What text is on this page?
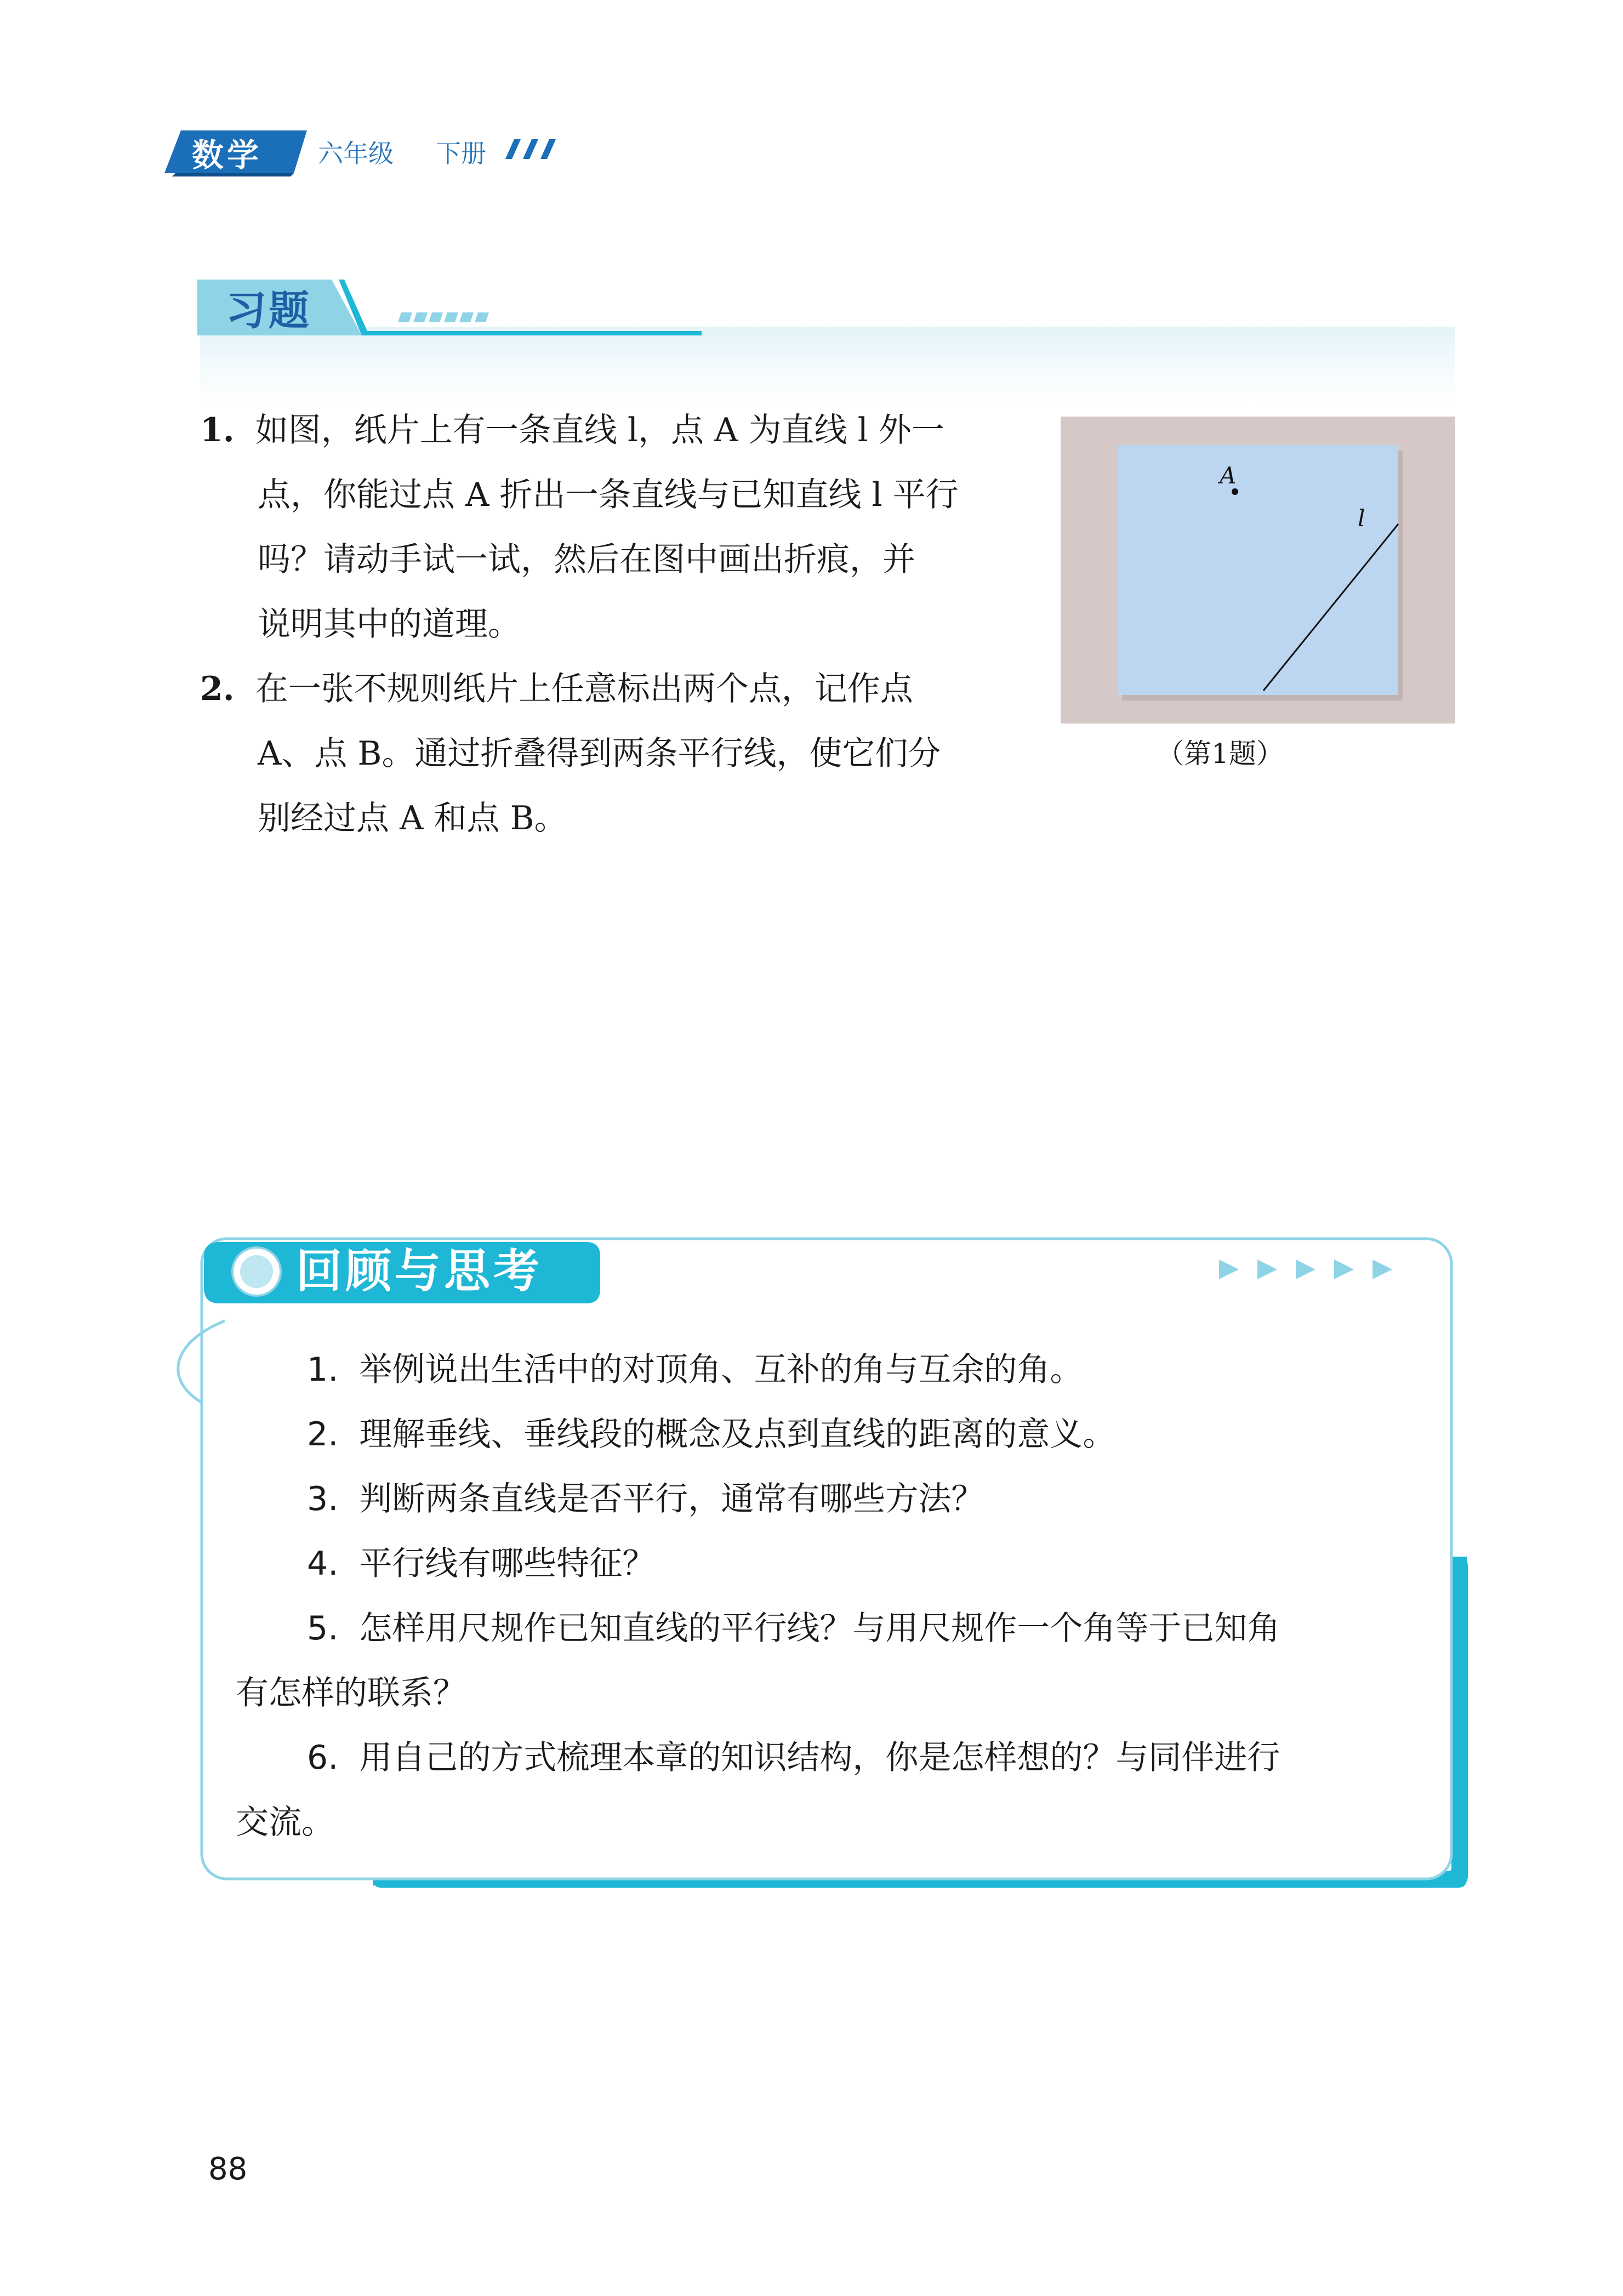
数学 六年级 下册
习题
1. 如图，纸片上有一条直线 l，点 A 为直线 l 外一
点，你能过点 A 折出一条直线与已知直线 l 平行
吗？请动手试一试，然后在图中画出折痕，并
说明其中的道理。
2. 在一张不规则纸片上任意标出两个点，记作点
A、点 B。通过折叠得到两条平行线，使它们分
别经过点 A 和点 B。
A
l
（第1题）
回顾与思考
1.  举例说出生活中的对顶角、互补的角与互余的角。
2.  理解垂线、垂线段的概念及点到直线的距离的意义。
3.  判断两条直线是否平行，通常有哪些方法？
4.  平行线有哪些特征？
5.  怎样用尺规作已知直线的平行线？与用尺规作一个角等于已知角
有怎样的联系？
6.  用自己的方式梳理本章的知识结构，你是怎样想的？与同伴进行
交流。
88
